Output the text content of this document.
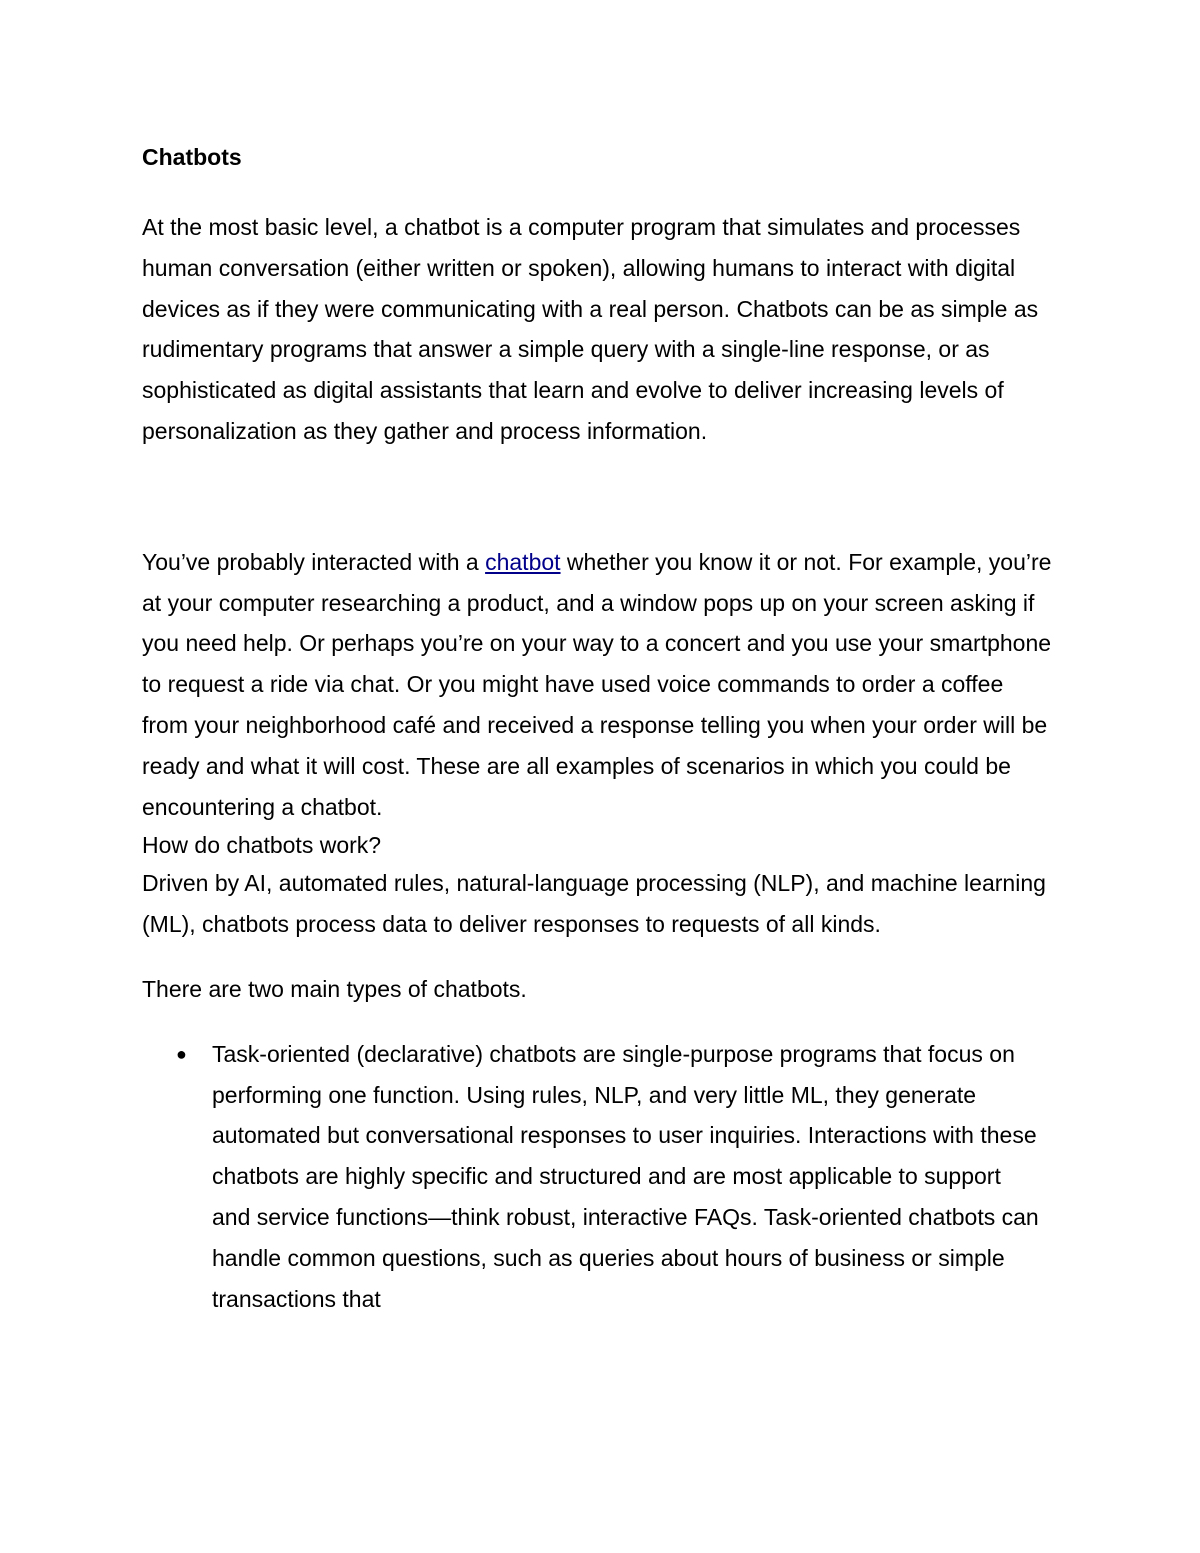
Chatbots

At the most basic level, a chatbot is a computer program that simulates and processes human conversation (either written or spoken), allowing humans to interact with digital devices as if they were communicating with a real person. Chatbots can be as simple as rudimentary programs that answer a simple query with a single-line response, or as sophisticated as digital assistants that learn and evolve to deliver increasing levels of personalization as they gather and process information.

You’ve probably interacted with a chatbot whether you know it or not. For example, you’re at your computer researching a product, and a window pops up on your screen asking if you need help. Or perhaps you’re on your way to a concert and you use your smartphone to request a ride via chat. Or you might have used voice commands to order a coffee from your neighborhood café and received a response telling you when your order will be ready and what it will cost. These are all examples of scenarios in which you could be encountering a chatbot.

How do chatbots work?

Driven by AI, automated rules, natural-language processing (NLP), and machine learning (ML), chatbots process data to deliver responses to requests of all kinds.

There are two main types of chatbots.

● Task-oriented (declarative) chatbots are single-purpose programs that focus on performing one function. Using rules, NLP, and very little ML, they generate automated but conversational responses to user inquiries. Interactions with these chatbots are highly specific and structured and are most applicable to support and service functions—think robust, interactive FAQs. Task-oriented chatbots can handle common questions, such as queries about hours of business or simple transactions that
